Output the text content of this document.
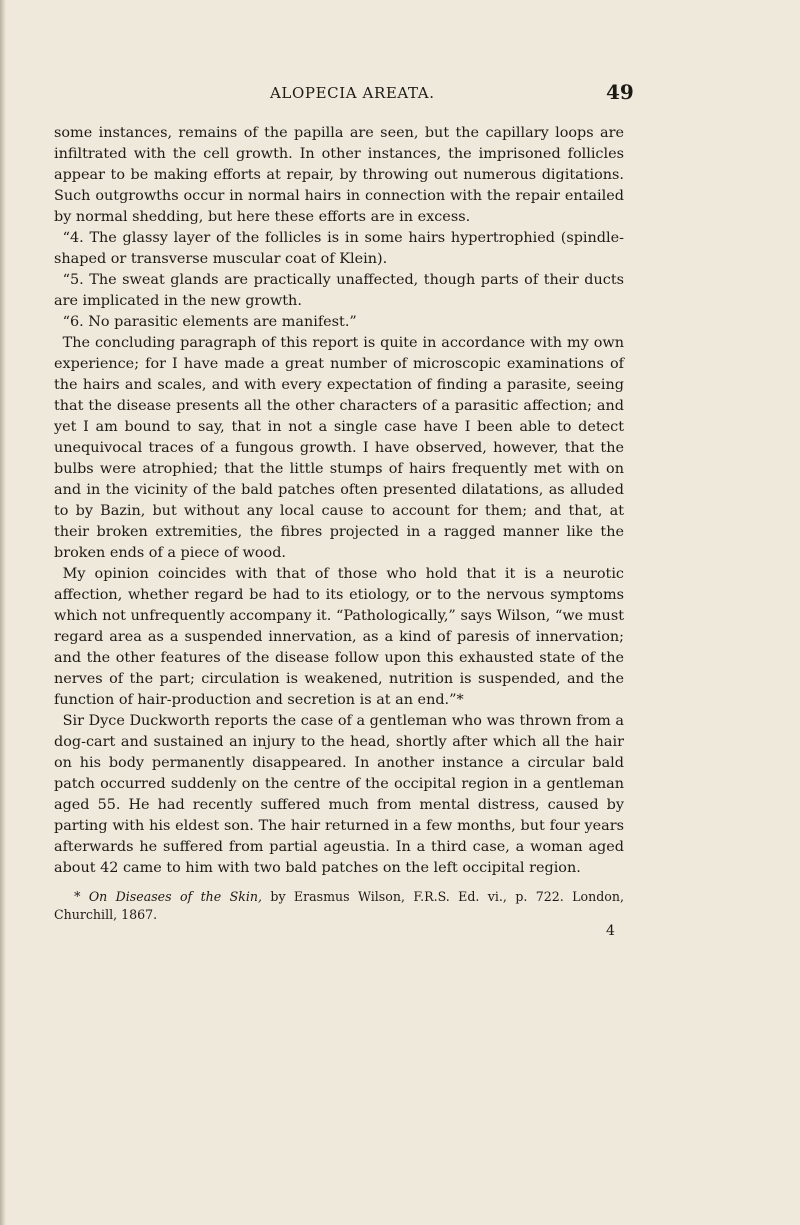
ALOPECIA AREATA.	49

some instances, remains of the papilla are seen, but the capillary loops are infiltrated with the cell growth. In other instances, the imprisoned follicles appear to be making efforts at repair, by throwing out numerous digitations. Such outgrowths occur in normal hairs in connection with the repair entailed by normal shedding, but here these efforts are in excess.

“4. The glassy layer of the follicles is in some hairs hypertrophied (spindle-shaped or transverse muscular coat of Klein).

“5. The sweat glands are practically unaffected, though parts of their ducts are implicated in the new growth.

“6. No parasitic elements are manifest.”

The concluding paragraph of this report is quite in accordance with my own experience; for I have made a great number of microscopic examinations of the hairs and scales, and with every expectation of finding a parasite, seeing that the disease presents all the other characters of a parasitic affection; and yet I am bound to say, that in not a single case have I been able to detect unequivocal traces of a fungous growth. I have observed, however, that the bulbs were atrophied; that the little stumps of hairs frequently met with on and in the vicinity of the bald patches often presented dilatations, as alluded to by Bazin, but without any local cause to account for them; and that, at their broken extremities, the fibres projected in a ragged manner like the broken ends of a piece of wood.

My opinion coincides with that of those who hold that it is a neurotic affection, whether regard be had to its etiology, or to the nervous symptoms which not unfrequently accompany it. “Pathologically,” says Wilson, “we must regard area as a suspended innervation, as a kind of paresis of innervation; and the other features of the disease follow upon this exhausted state of the nerves of the part; circulation is weakened, nutrition is suspended, and the function of hair-production and secretion is at an end.”*

Sir Dyce Duckworth reports the case of a gentleman who was thrown from a dog-cart and sustained an injury to the head, shortly after which all the hair on his body permanently disappeared. In another instance a circular bald patch occurred suddenly on the centre of the occipital region in a gentleman aged 55. He had recently suffered much from mental distress, caused by parting with his eldest son. The hair returned in a few months, but four years afterwards he suffered from partial ageustia. In a third case, a woman aged about 42 came to him with two bald patches on the left occipital region.

* On Diseases of the Skin, by Erasmus Wilson, F.R.S. Ed. vi., p. 722. London, Churchill, 1867.

4
